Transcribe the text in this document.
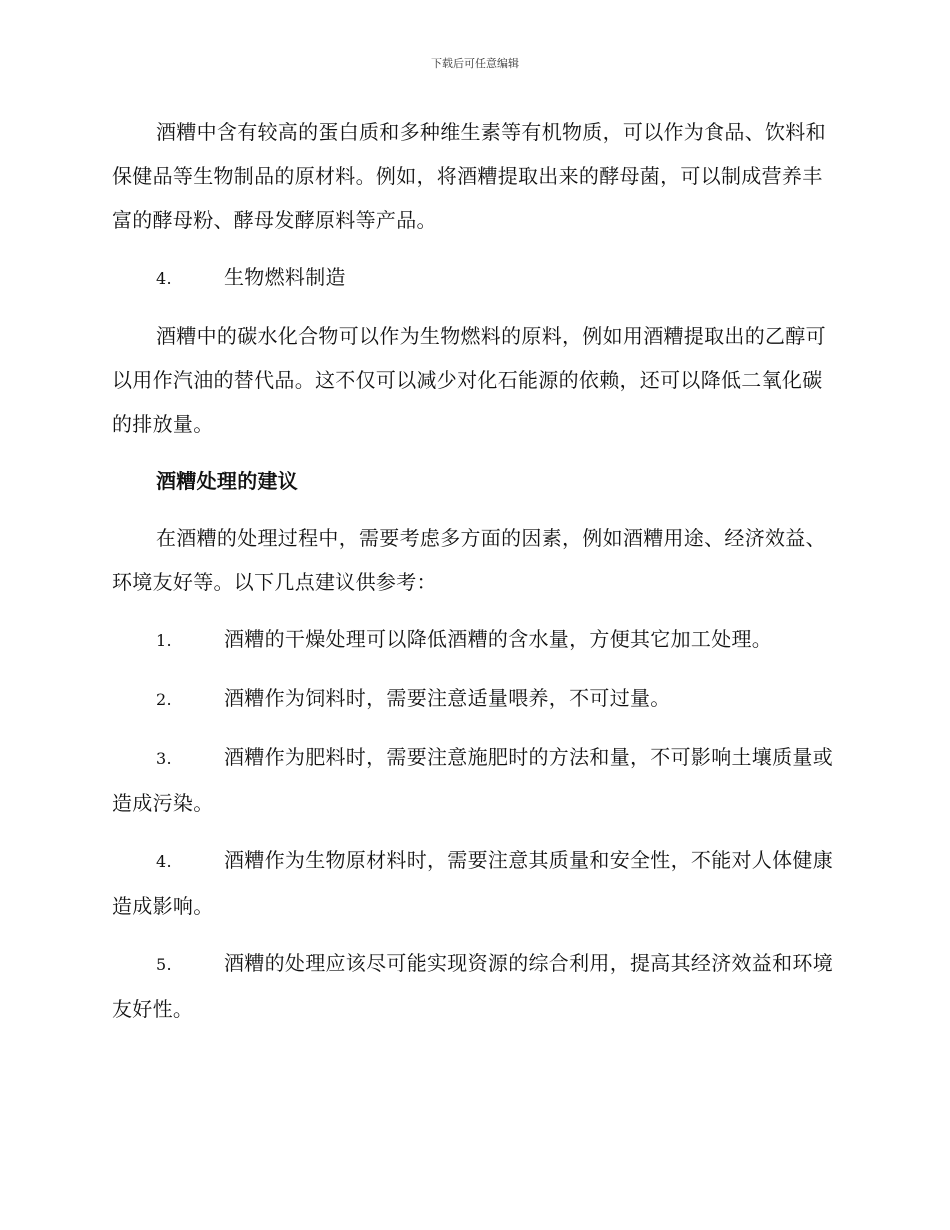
下载后可任意编辑

酒糟中含有较高的蛋白质和多种维生素等有机物质，可以作为食品、饮料和保健品等生物制品的原材料。例如，将酒糟提取出来的酵母菌，可以制成营养丰富的酵母粉、酵母发酵原料等产品。

4.	生物燃料制造

酒糟中的碳水化合物可以作为生物燃料的原料，例如用酒糟提取出的乙醇可以用作汽油的替代品。这不仅可以减少对化石能源的依赖，还可以降低二氧化碳的排放量。

酒糟处理的建议

在酒糟的处理过程中，需要考虑多方面的因素，例如酒糟用途、经济效益、环境友好等。以下几点建议供参考：

1.	酒糟的干燥处理可以降低酒糟的含水量，方便其它加工处理。
2.	酒糟作为饲料时，需要注意适量喂养，不可过量。
3.	酒糟作为肥料时，需要注意施肥时的方法和量，不可影响土壤质量或造成污染。
4.	酒糟作为生物原材料时，需要注意其质量和安全性，不能对人体健康造成影响。
5.	酒糟的处理应该尽可能实现资源的综合利用，提高其经济效益和环境友好性。
